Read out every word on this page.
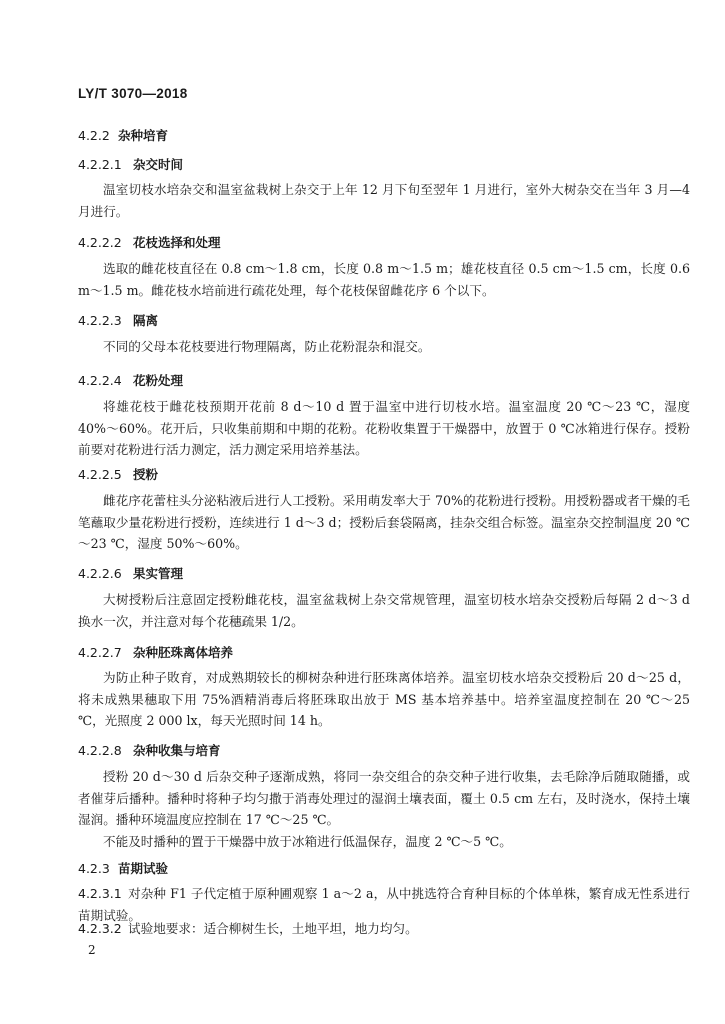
LY/T 3070—2018
4.2.2 杂种培育
4.2.2.1 杂交时间
温室切枝水培杂交和温室盆栽树上杂交于上年 12 月下旬至翌年 1 月进行，室外大树杂交在当年 3 月—4 月进行。
4.2.2.2 花枝选择和处理
选取的雌花枝直径在 0.8 cm～1.8 cm，长度 0.8 m～1.5 m；雄花枝直径 0.5 cm～1.5 cm，长度 0.6 m～1.5 m。雌花枝水培前进行疏花处理，每个花枝保留雌花序 6 个以下。
4.2.2.3 隔离
不同的父母本花枝要进行物理隔离，防止花粉混杂和混交。
4.2.2.4 花粉处理
将雄花枝于雌花枝预期开花前 8 d～10 d 置于温室中进行切枝水培。温室温度 20 ℃～23 ℃，湿度 40%～60%。花开后，只收集前期和中期的花粉。花粉收集置于干燥器中，放置于 0 ℃冰箱进行保存。授粉前要对花粉进行活力测定，活力测定采用培养基法。
4.2.2.5 授粉
雌花序花蕾柱头分泌粘液后进行人工授粉。采用萌发率大于 70%的花粉进行授粉。用授粉器或者干燥的毛笔蘸取少量花粉进行授粉，连续进行 1 d～3 d；授粉后套袋隔离，挂杂交组合标签。温室杂交控制温度 20 ℃～23 ℃，湿度 50%～60%。
4.2.2.6 果实管理
大树授粉后注意固定授粉雌花枝，温室盆栽树上杂交常规管理，温室切枝水培杂交授粉后每隔 2 d～3 d 换水一次，并注意对每个花穗疏果 1/2。
4.2.2.7 杂种胚珠离体培养
为防止种子敗育，对成熟期较长的柳树杂种进行胚珠离体培养。温室切枝水培杂交授粉后 20 d～25 d，将未成熟果穗取下用 75%酒精消毒后将胚珠取出放于 MS 基本培养基中。培养室温度控制在 20 ℃～25 ℃，光照度 2 000 lx，每天光照时间 14 h。
4.2.2.8 杂种收集与培育
授粉 20 d～30 d 后杂交种子逐渐成熟，将同一杂交组合的杂交种子进行收集，去毛除净后随取随播，或者催芽后播种。播种时将种子均匀撒于消毒处理过的湿润土壤表面，覆土 0.5 cm 左右，及时浇水，保持土壤湿润。播种环境温度应控制在 17 ℃～25 ℃。
不能及时播种的置于干燥器中放于冰箱进行低温保存，温度 2 ℃～5 ℃。
4.2.3 苗期试验
4.2.3.1 对杂种 F1 子代定植于原种圃观察 1 a～2 a，从中挑选符合育种目标的个体单株，繁育成无性系进行苗期试验。
4.2.3.2 试验地要求：适合柳树生长，土地平坦，地力均匀。
2
